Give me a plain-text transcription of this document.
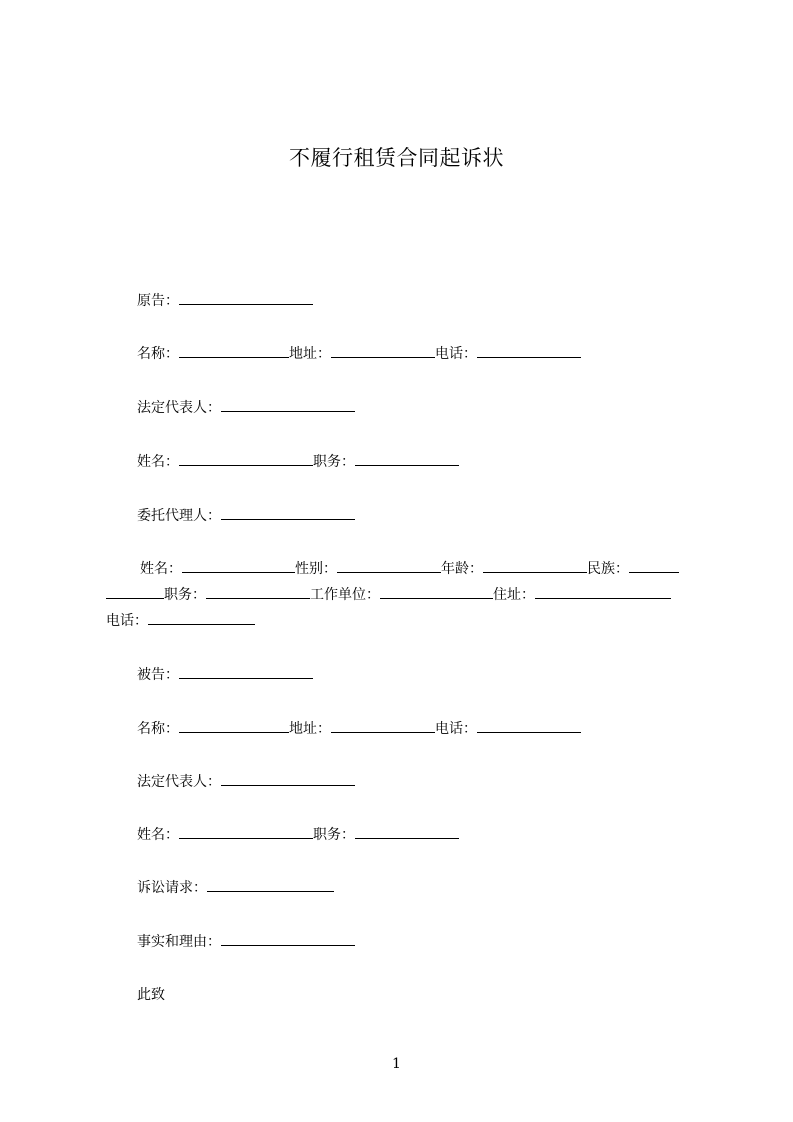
不履行租赁合同起诉状
原告：
名称：	地址：	电话：
法定代表人：
姓名：	职务：
委托代理人：
姓名：	性别：	年龄：	民族：
职务：	工作单位：	住址：
电话：
被告：
名称：	地址：	电话：
法定代表人：
姓名：	职务：
诉讼请求：
事实和理由：
此致
1
